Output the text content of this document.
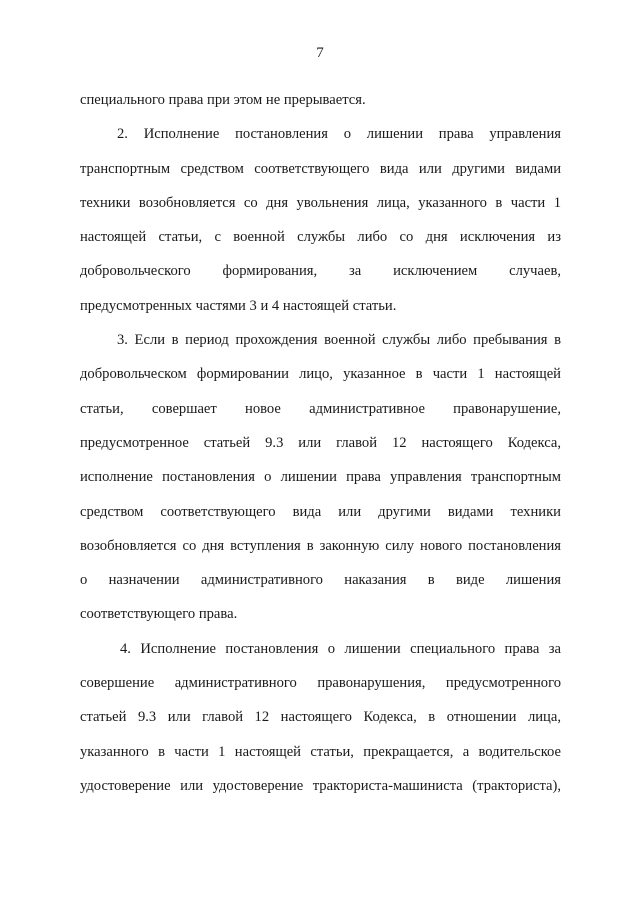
7
специального права при этом не прерывается.
2. Исполнение постановления о лишении права управления
транспортным средством соответствующего вида или другими видами
техники возобновляется со дня увольнения лица, указанного в части 1
настоящей статьи, с военной службы либо со дня исключения из
добровольческого формирования, за исключением случаев,
предусмотренных частями 3 и 4 настоящей статьи.
3. Если в период прохождения военной службы либо пребывания в
добровольческом формировании лицо, указанное в части 1 настоящей
статьи, совершает новое административное правонарушение,
предусмотренное статьей 9.3 или главой 12 настоящего Кодекса,
исполнение постановления о лишении права управления транспортным
средством соответствующего вида или другими видами техники
возобновляется со дня вступления в законную силу нового постановления
о назначении административного наказания в виде лишения
соответствующего права.
4. Исполнение постановления о лишении специального права за
совершение административного правонарушения, предусмотренного
статьей 9.3 или главой 12 настоящего Кодекса, в отношении лица,
указанного в части 1 настоящей статьи, прекращается, а водительское
удостоверение или удостоверение тракториста-машиниста (тракториста),
